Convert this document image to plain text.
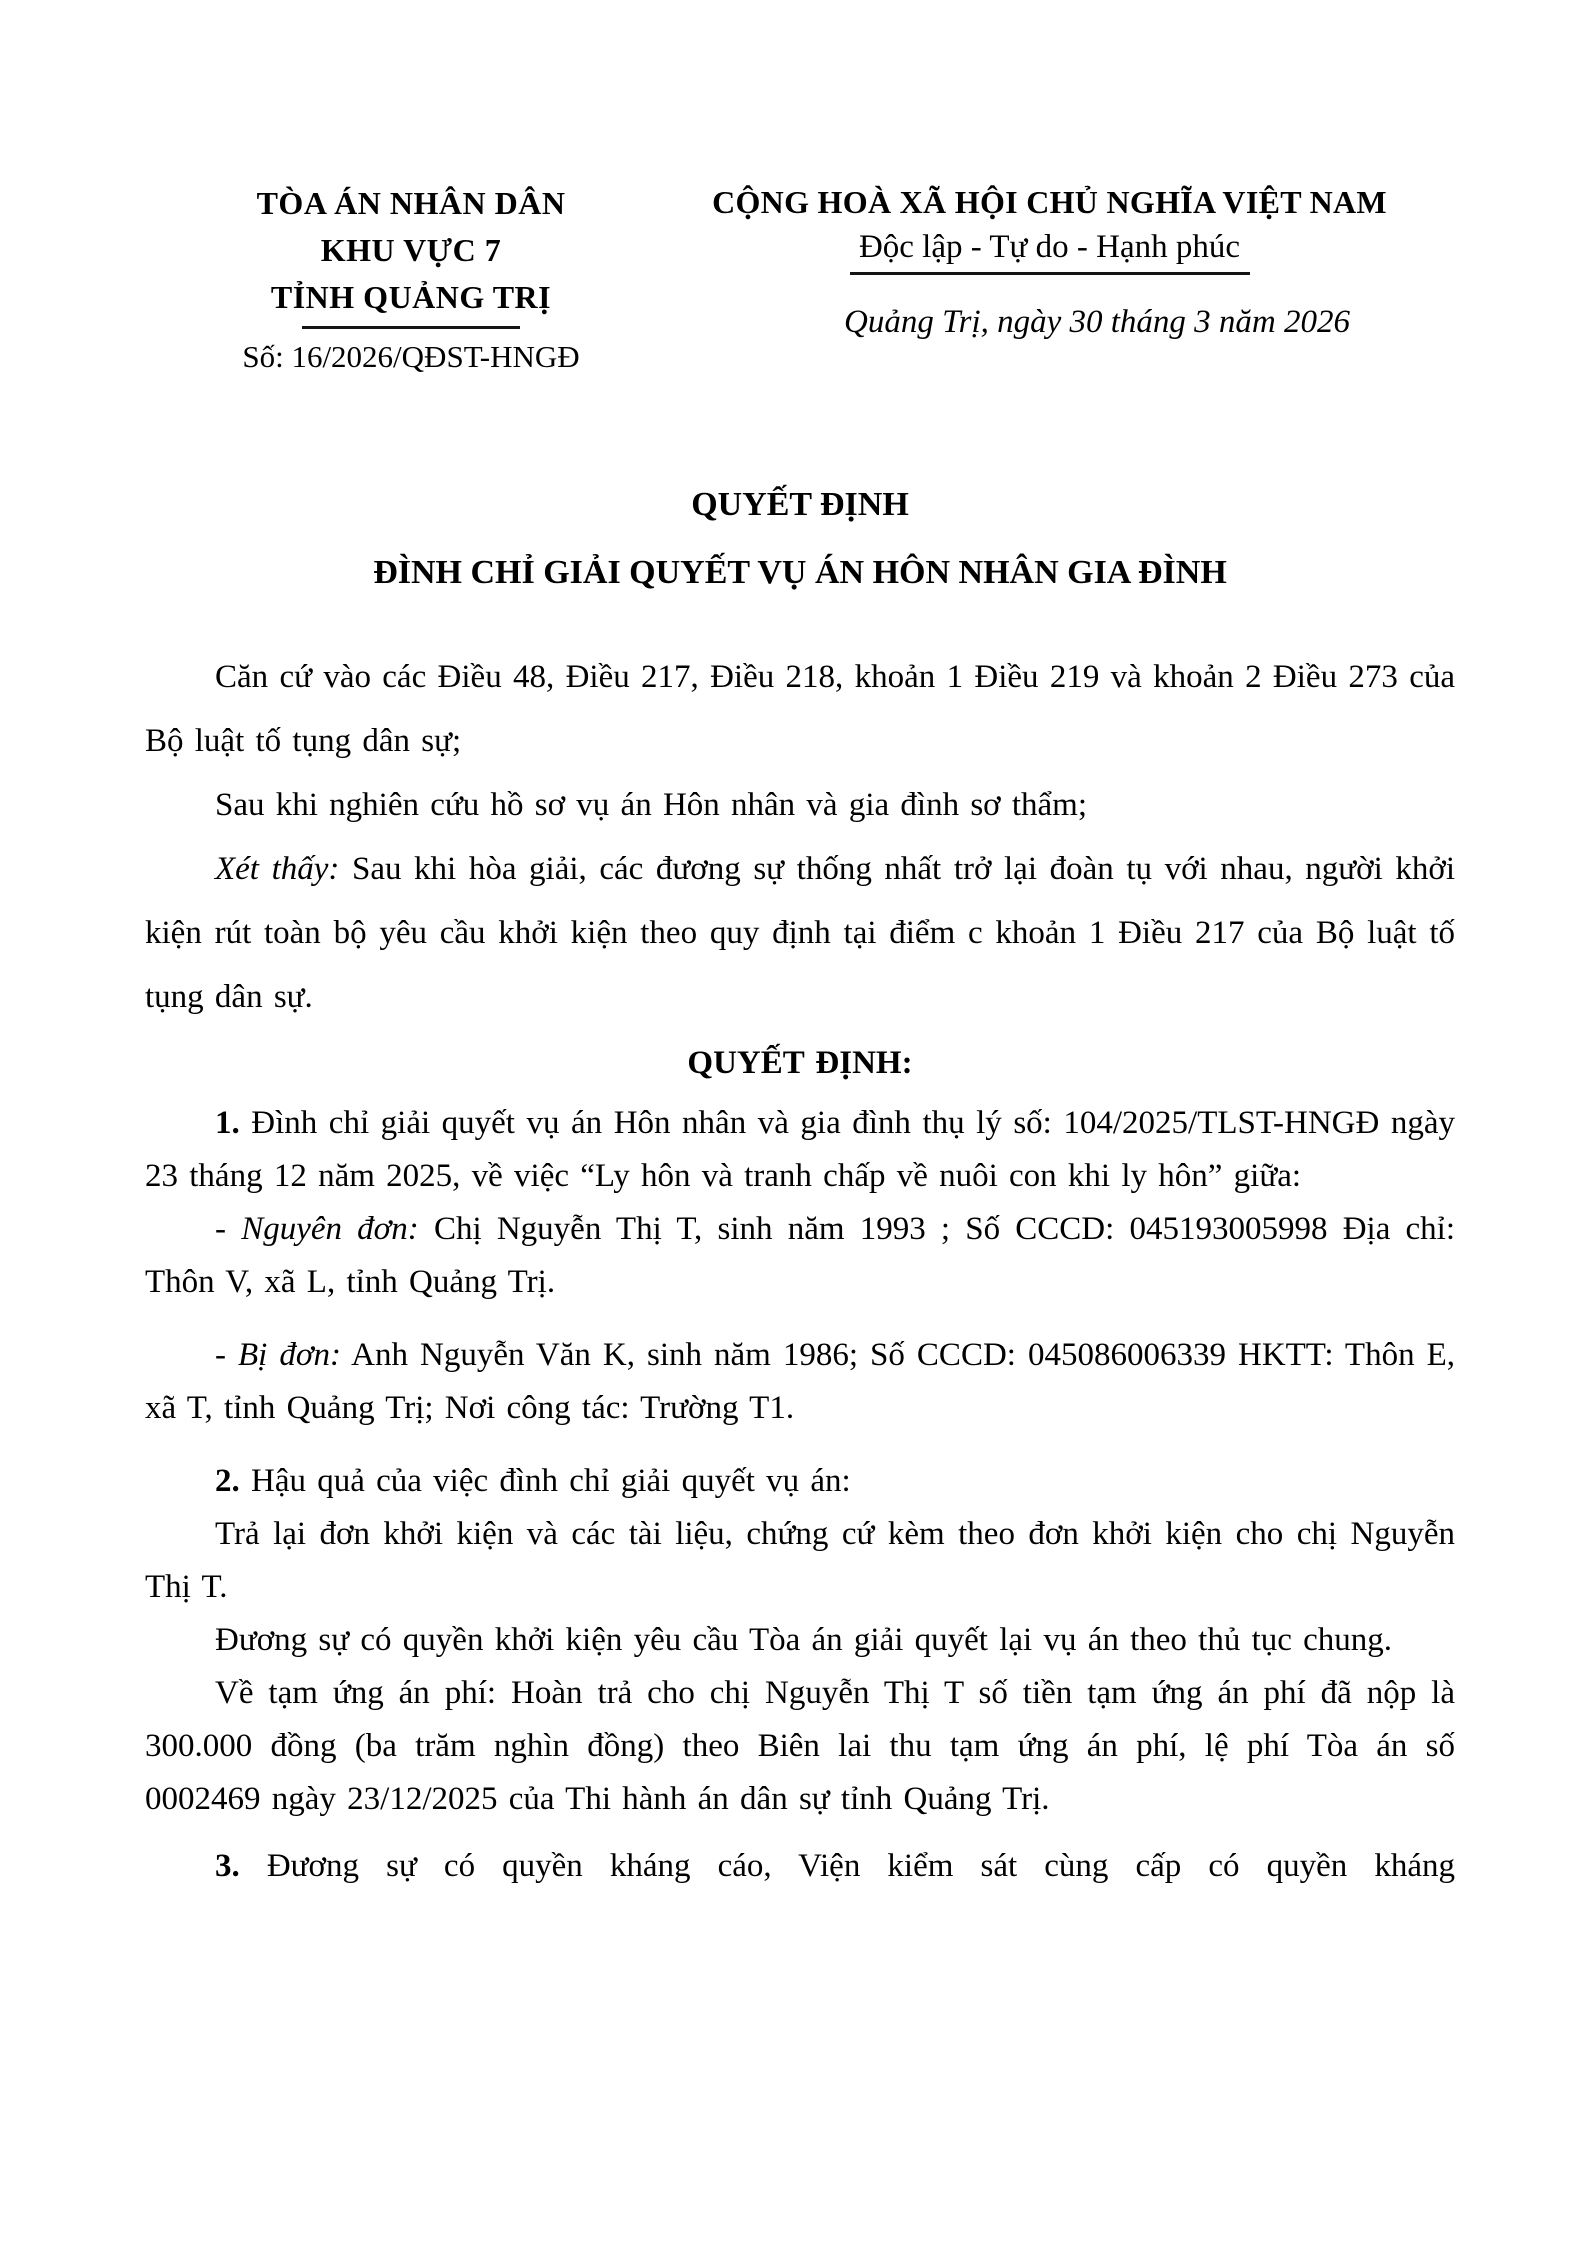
TÒA ÁN NHÂN DÂN
KHU VỰC 7
TỈNH QUẢNG TRỊ
Số: 16/2026/QĐST-HNGĐ
CỘNG HOÀ XÃ HỘI CHỦ NGHĨA VIỆT NAM
Độc lập - Tự do - Hạnh phúc
Quảng Trị, ngày 30 tháng 3 năm 2026
QUYẾT ĐỊNH
ĐÌNH CHỈ GIẢI QUYẾT VỤ ÁN HÔN NHÂN GIA ĐÌNH

Căn cứ vào các Điều 48, Điều 217, Điều 218, khoản 1 Điều 219 và khoản 2 Điều 273 của Bộ luật tố tụng dân sự;

Sau khi nghiên cứu hồ sơ vụ án Hôn nhân và gia đình sơ thẩm;

Xét thấy: Sau khi hòa giải, các đương sự thống nhất trở lại đoàn tụ với nhau, người khởi kiện rút toàn bộ yêu cầu khởi kiện theo quy định tại điểm c khoản 1 Điều 217 của Bộ luật tố tụng dân sự.

QUYẾT ĐỊNH:

1. Đình chỉ giải quyết vụ án Hôn nhân và gia đình thụ lý số: 104/2025/TLST-HNGĐ ngày 23 tháng 12 năm 2025, về việc “Ly hôn và tranh chấp về nuôi con khi ly hôn” giữa:

- Nguyên đơn: Chị Nguyễn Thị T, sinh năm 1993 ; Số CCCD: 045193005998 Địa chỉ: Thôn V, xã L, tỉnh Quảng Trị.

- Bị đơn: Anh Nguyễn Văn K, sinh năm 1986; Số CCCD: 045086006339 HKTT: Thôn E, xã T, tỉnh Quảng Trị; Nơi công tác: Trường T1.

2. Hậu quả của việc đình chỉ giải quyết vụ án:

Trả lại đơn khởi kiện và các tài liệu, chứng cứ kèm theo đơn khởi kiện cho chị Nguyễn Thị T.

Đương sự có quyền khởi kiện yêu cầu Tòa án giải quyết lại vụ án theo thủ tục chung.

Về tạm ứng án phí: Hoàn trả cho chị Nguyễn Thị T số tiền tạm ứng án phí đã nộp là 300.000 đồng (ba trăm nghìn đồng) theo Biên lai thu tạm ứng án phí, lệ phí Tòa án số 0002469 ngày 23/12/2025 của Thi hành án dân sự tỉnh Quảng Trị.

3. Đương sự có quyền kháng cáo, Viện kiểm sát cùng cấp có quyền kháng
